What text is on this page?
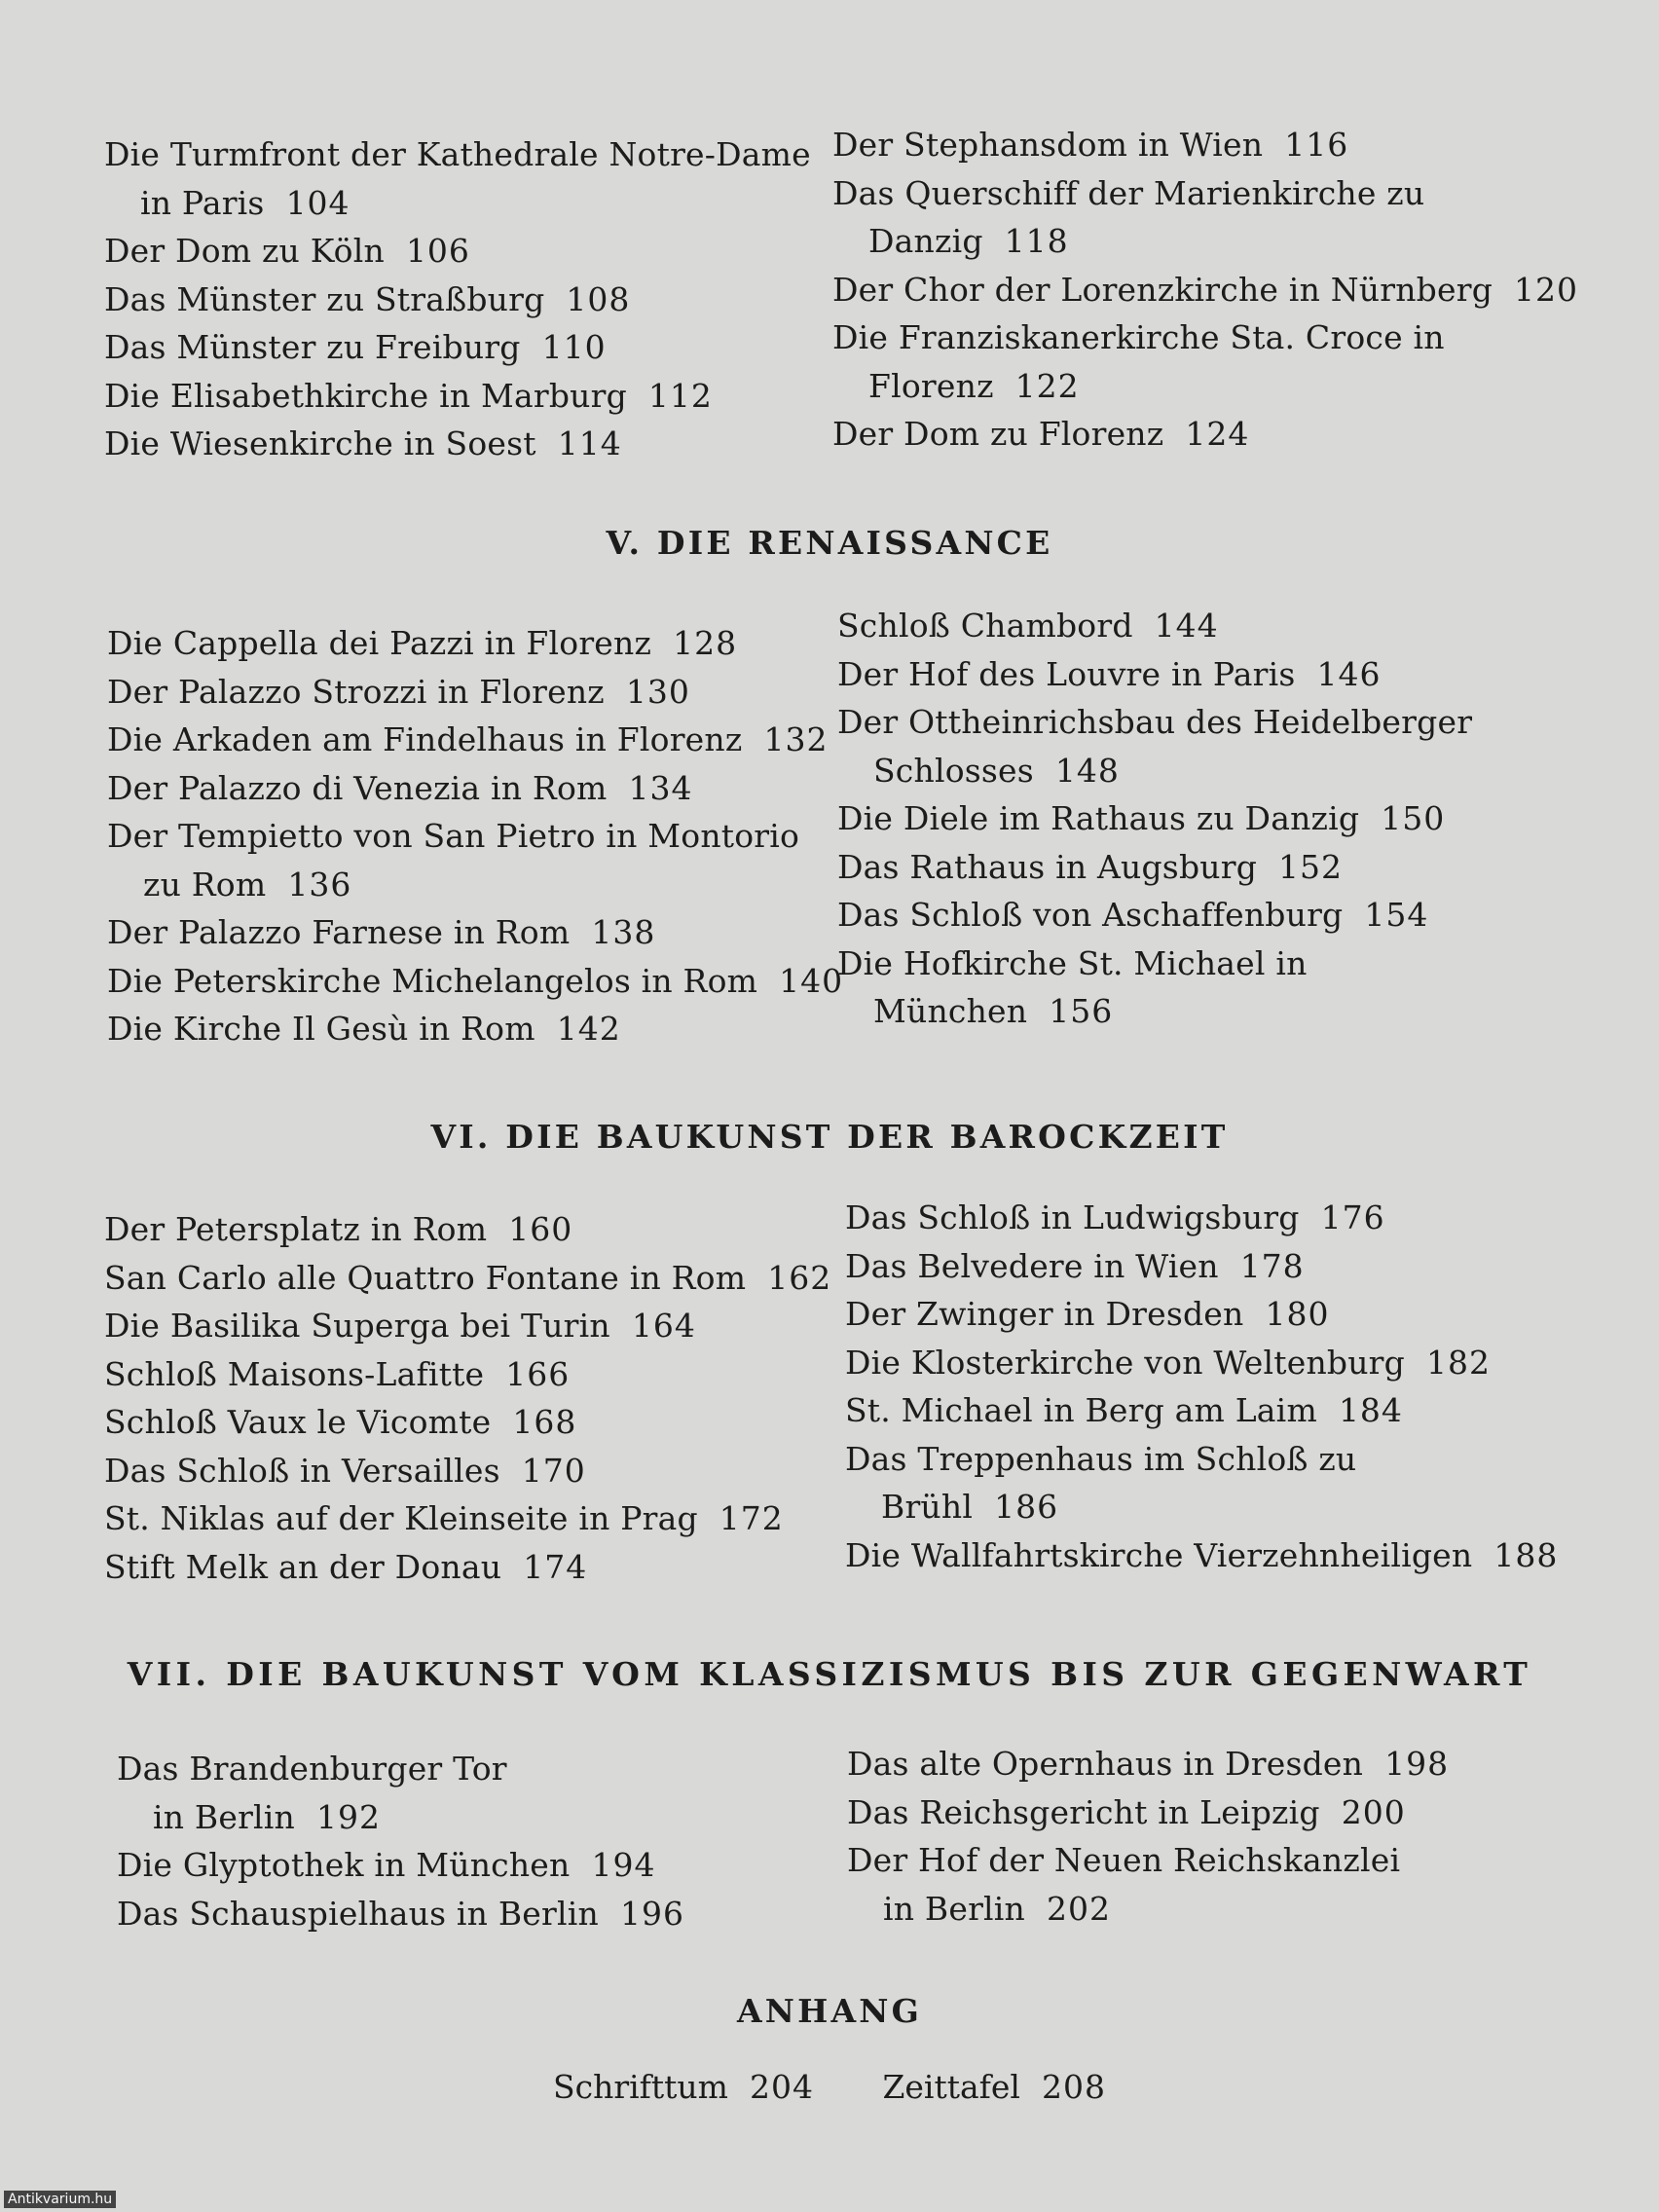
Die Turmfront der Kathedrale Notre-Dame
in Paris 104
Der Dom zu Köln 106
Das Münster zu Straßburg 108
Das Münster zu Freiburg 110
Die Elisabethkirche in Marburg 112
Die Wiesenkirche in Soest 114
Der Stephansdom in Wien 116
Das Querschiff der Marienkirche zu
Danzig 118
Der Chor der Lorenzkirche in Nürnberg 120
Die Franziskanerkirche Sta. Croce in
Florenz 122
Der Dom zu Florenz 124
V. DIE RENAISSANCE
Die Cappella dei Pazzi in Florenz 128
Der Palazzo Strozzi in Florenz 130
Die Arkaden am Findelhaus in Florenz 132
Der Palazzo di Venezia in Rom 134
Der Tempietto von San Pietro in Montorio
zu Rom 136
Der Palazzo Farnese in Rom 138
Die Peterskirche Michelangelos in Rom 140
Die Kirche Il Gesù in Rom 142
Schloß Chambord 144
Der Hof des Louvre in Paris 146
Der Ottheinrichsbau des Heidelberger
Schlosses 148
Die Diele im Rathaus zu Danzig 150
Das Rathaus in Augsburg 152
Das Schloß von Aschaffenburg 154
Die Hofkirche St. Michael in
München 156
VI. DIE BAUKUNST DER BAROCKZEIT
Der Petersplatz in Rom 160
San Carlo alle Quattro Fontane in Rom 162
Die Basilika Superga bei Turin 164
Schloß Maisons-Lafitte 166
Schloß Vaux le Vicomte 168
Das Schloß in Versailles 170
St. Niklas auf der Kleinseite in Prag 172
Stift Melk an der Donau 174
Das Schloß in Ludwigsburg 176
Das Belvedere in Wien 178
Der Zwinger in Dresden 180
Die Klosterkirche von Weltenburg 182
St. Michael in Berg am Laim 184
Das Treppenhaus im Schloß zu
Brühl 186
Die Wallfahrtskirche Vierzehnheiligen 188
VII. DIE BAUKUNST VOM KLASSIZISMUS BIS ZUR GEGENWART
Das Brandenburger Tor
in Berlin 192
Die Glyptothek in München 194
Das Schauspielhaus in Berlin 196
Das alte Opernhaus in Dresden 198
Das Reichsgericht in Leipzig 200
Der Hof der Neuen Reichskanzlei
in Berlin 202
ANHANG
Schrifttum 204 Zeittafel 208
Antikvarium.hu
